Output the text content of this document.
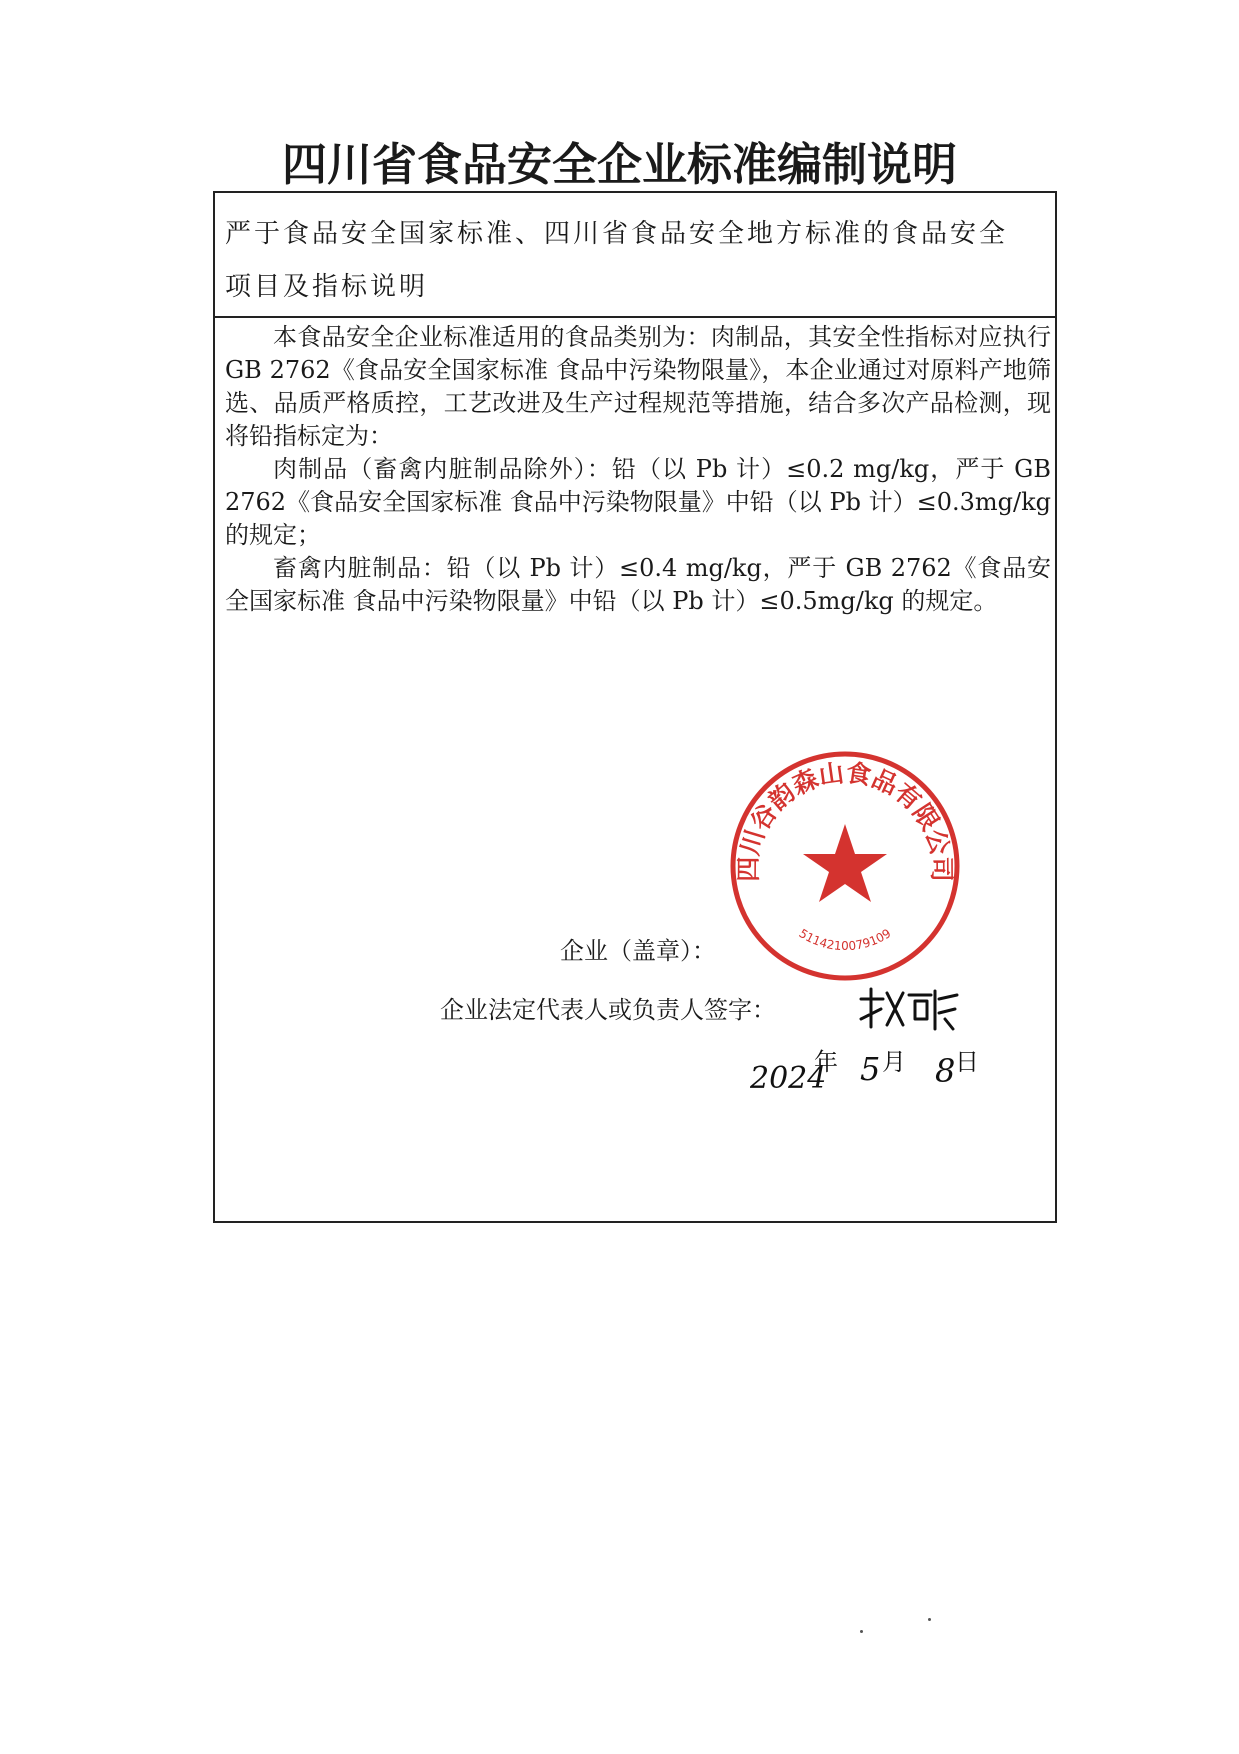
四川省食品安全企业标准编制说明
严于食品安全国家标准、四川省食品安全地方标准的食品安全
项目及指标说明

本食品安全企业标准适用的食品类别为：肉制品，其安全性指标对应执行 GB 2762《食品安全国家标准 食品中污染物限量》，本企业通过对原料产地筛选、品质严格质控，工艺改进及生产过程规范等措施，结合多次产品检测，现将铅指标定为：

肉制品（畜禽内脏制品除外）：铅（以 Pb 计）≤0.2 mg/kg，严于 GB 2762《食品安全国家标准 食品中污染物限量》中铅（以 Pb 计）≤0.3mg/kg 的规定；

畜禽内脏制品：铅（以 Pb 计）≤0.4 mg/kg，严于 GB 2762《食品安全国家标准 食品中污染物限量》中铅（以 Pb 计）≤0.5mg/kg 的规定。

企业（盖章）：
企业法定代表人或负责人签字：
四川谷韵森山食品有限公司
5114210079109
2024
年 5 月 8 日
